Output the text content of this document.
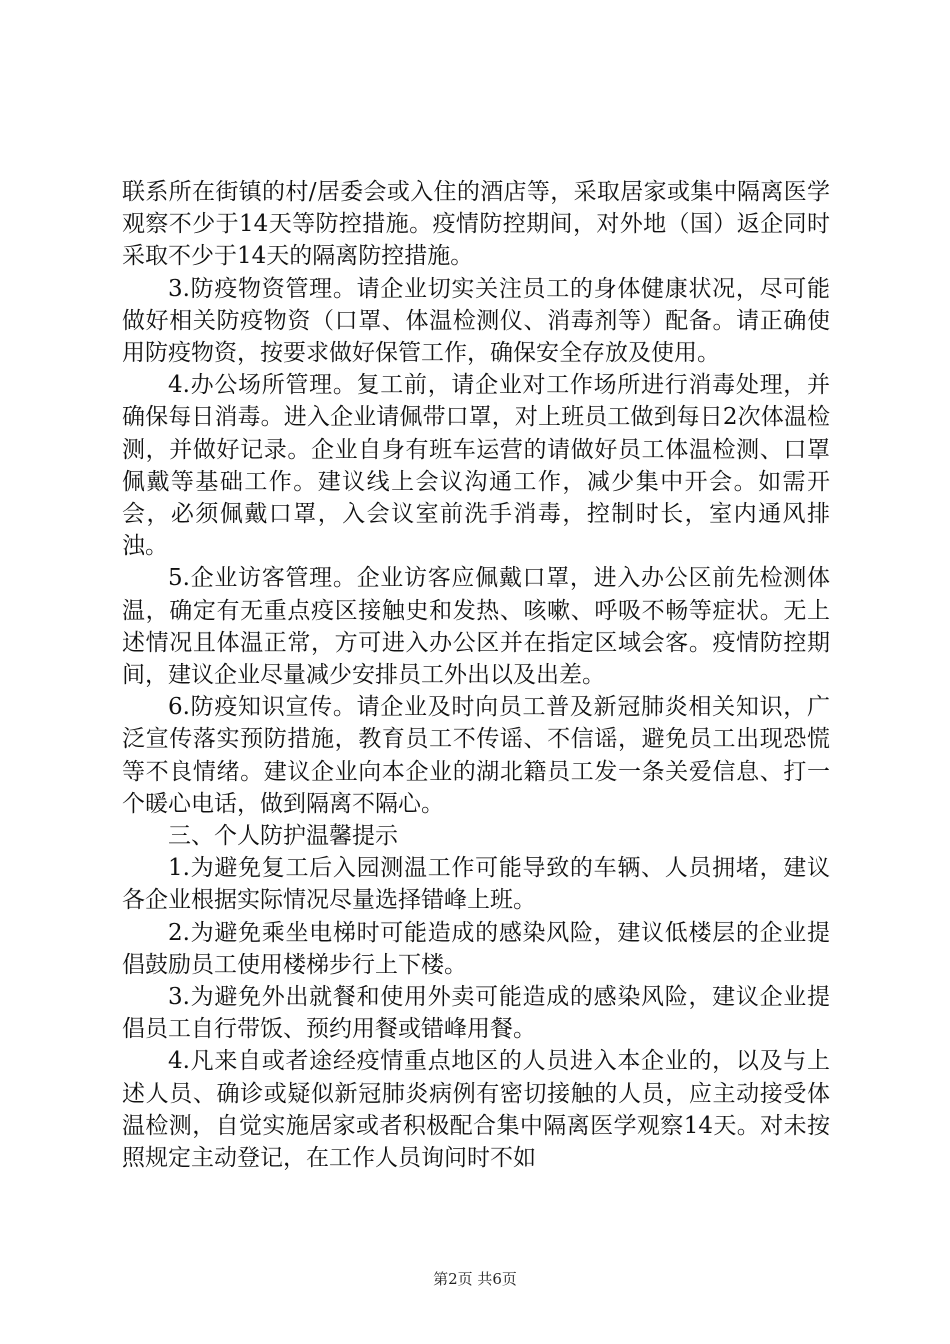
联系所在街镇的村/居委会或入住的酒店等，采取居家或集中隔离医学观察不少于14天等防控措施。疫情防控期间，对外地（国）返企同时采取不少于14天的隔离防控措施。

3.防疫物资管理。请企业切实关注员工的身体健康状况，尽可能做好相关防疫物资（口罩、体温检测仪、消毒剂等）配备。请正确使用防疫物资，按要求做好保管工作，确保安全存放及使用。

4.办公场所管理。复工前，请企业对工作场所进行消毒处理，并确保每日消毒。进入企业请佩带口罩，对上班员工做到每日2次体温检测，并做好记录。企业自身有班车运营的请做好员工体温检测、口罩佩戴等基础工作。建议线上会议沟通工作，减少集中开会。如需开会，必须佩戴口罩，入会议室前洗手消毒，控制时长，室内通风排浊。

5.企业访客管理。企业访客应佩戴口罩，进入办公区前先检测体温，确定有无重点疫区接触史和发热、咳嗽、呼吸不畅等症状。无上述情况且体温正常，方可进入办公区并在指定区域会客。疫情防控期间，建议企业尽量减少安排员工外出以及出差。

6.防疫知识宣传。请企业及时向员工普及新冠肺炎相关知识，广泛宣传落实预防措施，教育员工不传谣、不信谣，避免员工出现恐慌等不良情绪。建议企业向本企业的湖北籍员工发一条关爱信息、打一个暖心电话，做到隔离不隔心。

三、个人防护温馨提示

1.为避免复工后入园测温工作可能导致的车辆、人员拥堵，建议各企业根据实际情况尽量选择错峰上班。

2.为避免乘坐电梯时可能造成的感染风险，建议低楼层的企业提倡鼓励员工使用楼梯步行上下楼。

3.为避免外出就餐和使用外卖可能造成的感染风险，建议企业提倡员工自行带饭、预约用餐或错峰用餐。

4.凡来自或者途经疫情重点地区的人员进入本企业的，以及与上述人员、确诊或疑似新冠肺炎病例有密切接触的人员，应主动接受体温检测，自觉实施居家或者积极配合集中隔离医学观察14天。对未按照规定主动登记，在工作人员询问时不如

第2页 共6页
